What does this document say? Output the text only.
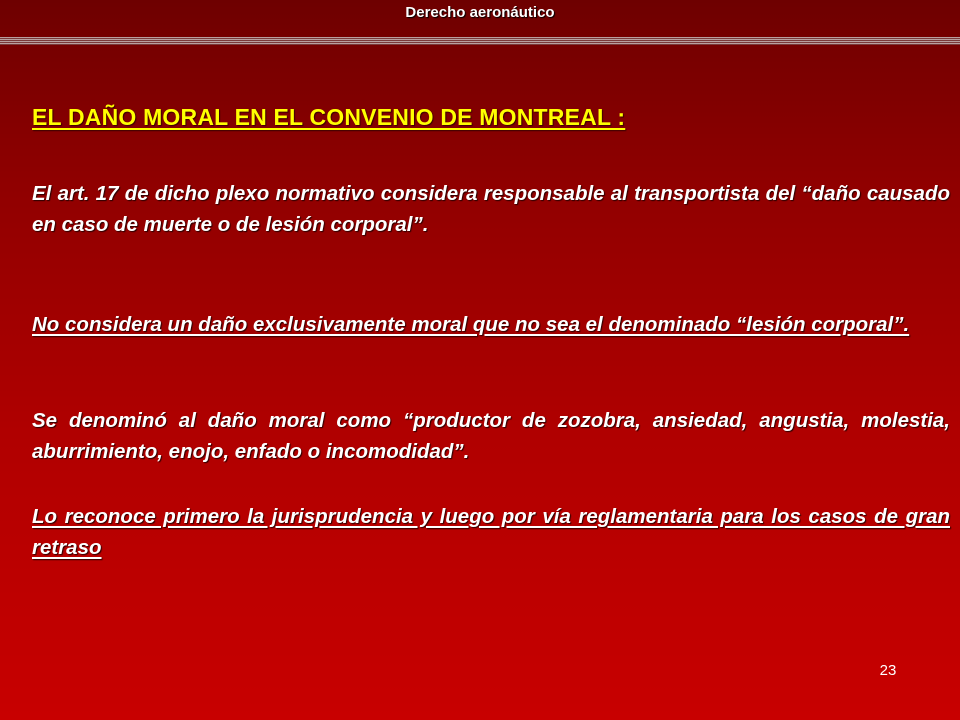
Derecho aeronáutico
EL DAÑO MORAL EN EL CONVENIO DE MONTREAL :

El art. 17 de dicho plexo normativo considera responsable al transportista del “daño causado en caso de muerte o de lesión corporal”.

No considera un daño exclusivamente moral que no sea el denominado “lesión corporal”.

Se denominó al daño moral como “productor de zozobra, ansiedad, angustia, molestia, aburrimiento, enojo, enfado o incomodidad”.

Lo reconoce primero la jurisprudencia y luego por vía reglamentaria para los casos de gran retraso

23
